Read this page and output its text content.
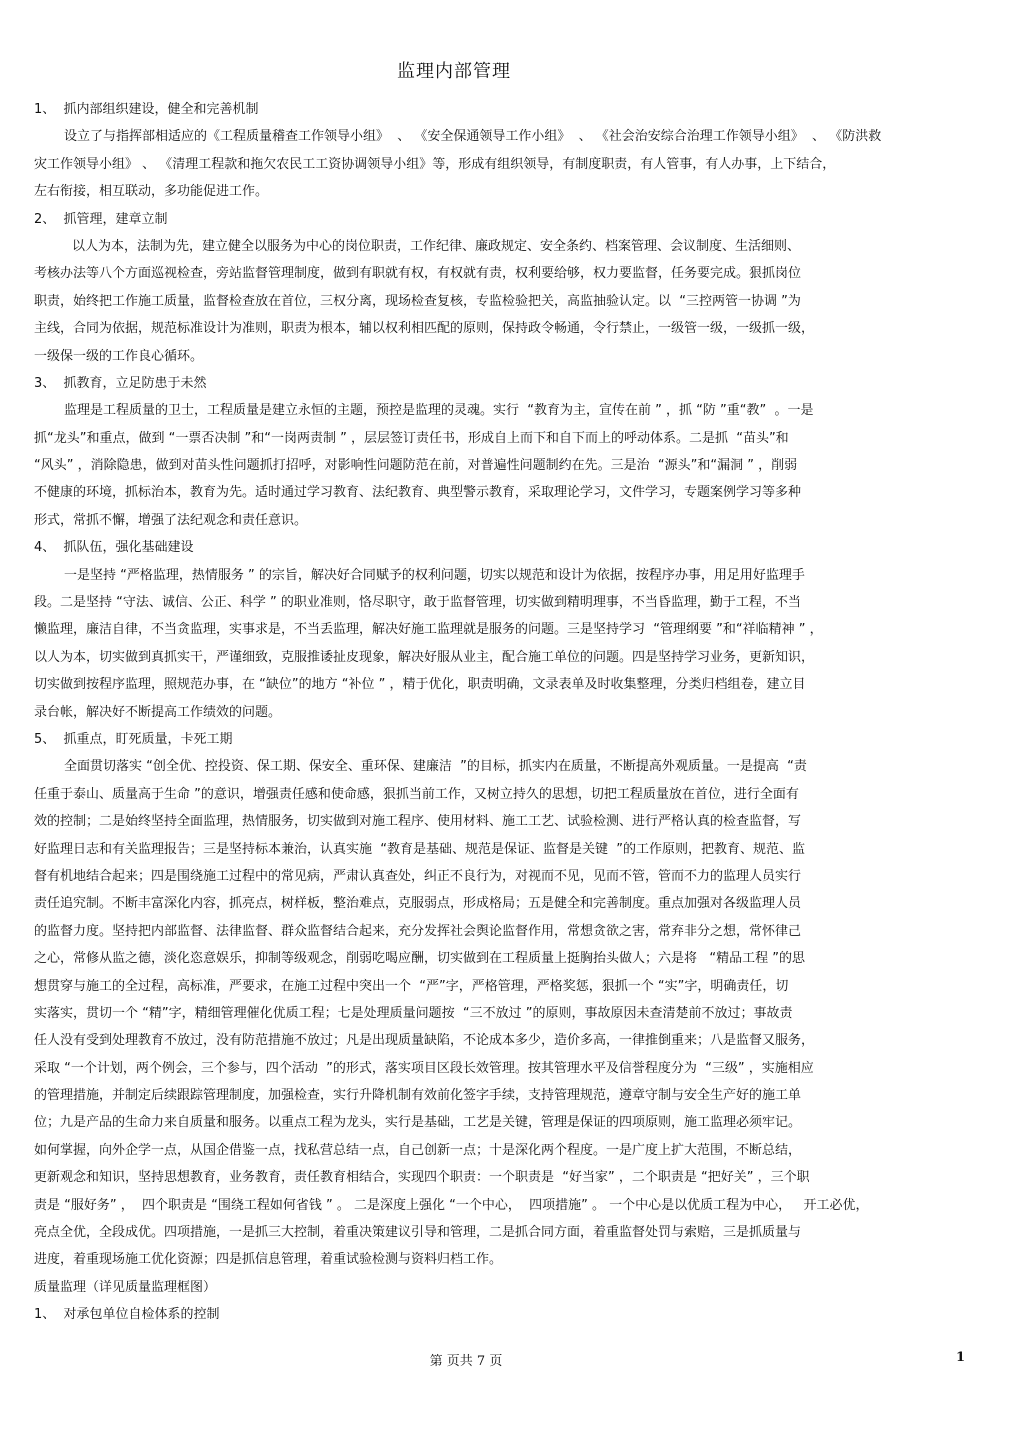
监理内部管理
1、  抓内部组织建设，健全和完善机制
设立了与指挥部相适应的《工程质量稽查工作领导小组》  、 《安全保通领导工作小组》  、 《社会治安综合治理工作领导小组》  、 《防洪救
灾工作领导小组》 、 《清理工程款和拖欠农民工工资协调领导小组》等，形成有组织领导，有制度职责，有人管事，有人办事，上下结合，
左右衔接，相互联动，多功能促进工作。
2、  抓管理，建章立制
以人为本，法制为先，建立健全以服务为中心的岗位职责，工作纪律、廉政规定、安全条约、档案管理、会议制度、生活细则、
考核办法等八个方面巡视检查，旁站监督管理制度，做到有职就有权，有权就有责，权利要给够，权力要监督，任务要完成。狠抓岗位
职责，始终把工作施工质量，监督检查放在首位，三权分离，现场检查复核，专监检验把关，高监抽验认定。以  “三控两管一协调 ”为
主线，合同为依据，规范标准设计为准则，职责为根本，辅以权利相匹配的原则，保持政令畅通，令行禁止，一级管一级，一级抓一级，
一级保一级的工作良心循环。
3、  抓教育，立足防患于未然
监理是工程质量的卫士，工程质量是建立永恒的主题，预控是监理的灵魂。实行  “教育为主，宣传在前 ” ，抓 “防 ”重“教”  。一是
抓“龙头”和重点，做到 “一票否决制 ”和“一岗两责制 ” ，层层签订责任书，形成自上而下和自下而上的呼动体系。二是抓  “苗头”和
“风头” ，消除隐患，做到对苗头性问题抓打招呼，对影响性问题防范在前，对普遍性问题制约在先。三是治  “源头”和“漏洞 ” ，削弱
不健康的环境，抓标治本，教育为先。适时通过学习教育、法纪教育、典型警示教育，采取理论学习，文件学习，专题案例学习等多种
形式，常抓不懈，增强了法纪观念和责任意识。
4、  抓队伍，强化基础建设
一是坚持 “严格监理，热情服务 ” 的宗旨，解决好合同赋予的权利问题，切实以规范和设计为依据，按程序办事，用足用好监理手
段。二是坚持 “守法、诚信、公正、科学 ” 的职业准则，恪尽职守，敢于监督管理，切实做到精明理事，不当昏监理，勤于工程，不当
懒监理，廉洁自律，不当贪监理，实事求是，不当丢监理，解决好施工监理就是服务的问题。三是坚持学习  “管理纲要 ”和“祥临精神 ” ，
以人为本，切实做到真抓实干，严谨细致，克服推诿扯皮现象，解决好服从业主，配合施工单位的问题。四是坚持学习业务，更新知识，
切实做到按程序监理，照规范办事，在 “缺位”的地方 “补位 ” ，精于优化，职责明确，文录表单及时收集整理，分类归档组卷，建立目
录台帐，解决好不断提高工作绩效的问题。
5、  抓重点，盯死质量，卡死工期
全面贯切落实 “创全优、控投资、保工期、保安全、重环保、建廉洁  ”的目标，抓实内在质量，不断提高外观质量。一是提高  “责
任重于泰山、质量高于生命 ”的意识，增强责任感和使命感，狠抓当前工作，又树立持久的思想，切把工程质量放在首位，进行全面有
效的控制；二是始终坚持全面监理，热情服务，切实做到对施工程序、使用材料、施工工艺、试验检测、进行严格认真的检查监督，写
好监理日志和有关监理报告；三是坚持标本兼治，认真实施  “教育是基础、规范是保证、监督是关键  ”的工作原则，把教育、规范、监
督有机地结合起来；四是围绕施工过程中的常见病，严肃认真查处，纠正不良行为，对视而不见，见而不管，管而不力的监理人员实行
责任追究制。不断丰富深化内容，抓亮点，树样板，整治难点，克服弱点，形成格局；五是健全和完善制度。重点加强对各级监理人员
的监督力度。坚持把内部监督、法律监督、群众监督结合起来，充分发挥社会舆论监督作用，常想贪欲之害，常弃非分之想，常怀律己
之心，常修从监之德，淡化恣意娱乐，抑制等级观念，削弱吃喝应酬，切实做到在工程质量上挺胸抬头做人；六是将   “精品工程 ”的思
想贯穿与施工的全过程，高标准，严要求，在施工过程中突出一个  “严”字，严格管理，严格奖惩，狠抓一个 “实”字，明确责任，切
实落实，贯切一个 “精”字，精细管理催化优质工程；七是处理质量问题按  “三不放过 ”的原则，事故原因未查清楚前不放过；事故责
任人没有受到处理教育不放过，没有防范措施不放过；凡是出现质量缺陷，不论成本多少，造价多高，一律推倒重来；八是监督又服务，
采取 “一个计划，两个例会，三个参与，四个活动  ”的形式，落实项目区段长效管理。按其管理水平及信誉程度分为  “三级” ，实施相应
的管理措施，并制定后续跟踪管理制度，加强检查，实行升降机制有效前化签字手续，支持管理规范，遵章守制与安全生产好的施工单
位；九是产品的生命力来自质量和服务。以重点工程为龙头，实行是基础，工艺是关键，管理是保证的四项原则，施工监理必须牢记。
如何掌握，向外企学一点，从国企借鉴一点，找私营总结一点，自己创新一点；十是深化两个程度。一是广度上扩大范围，不断总结，
更新观念和知识，坚持思想教育，业务教育，责任教育相结合，实现四个职责：一个职责是  “好当家” ，二个职责是 “把好关” ，三个职
责是 “服好务” ，  四个职责是 “围绕工程如何省钱 ” 。 二是深度上强化 “一个中心，  四项措施” 。 一个中心是以优质工程为中心，   开工必优，
亮点全优，全段成优。四项措施，一是抓三大控制，着重决策建议引导和管理，二是抓合同方面，着重监督处罚与索赔，三是抓质量与
进度，着重现场施工优化资源；四是抓信息管理，着重试验检测与资料归档工作。
质量监理（详见质量监理框图）
1、  对承包单位自检体系的控制
第 页共 7 页	1
